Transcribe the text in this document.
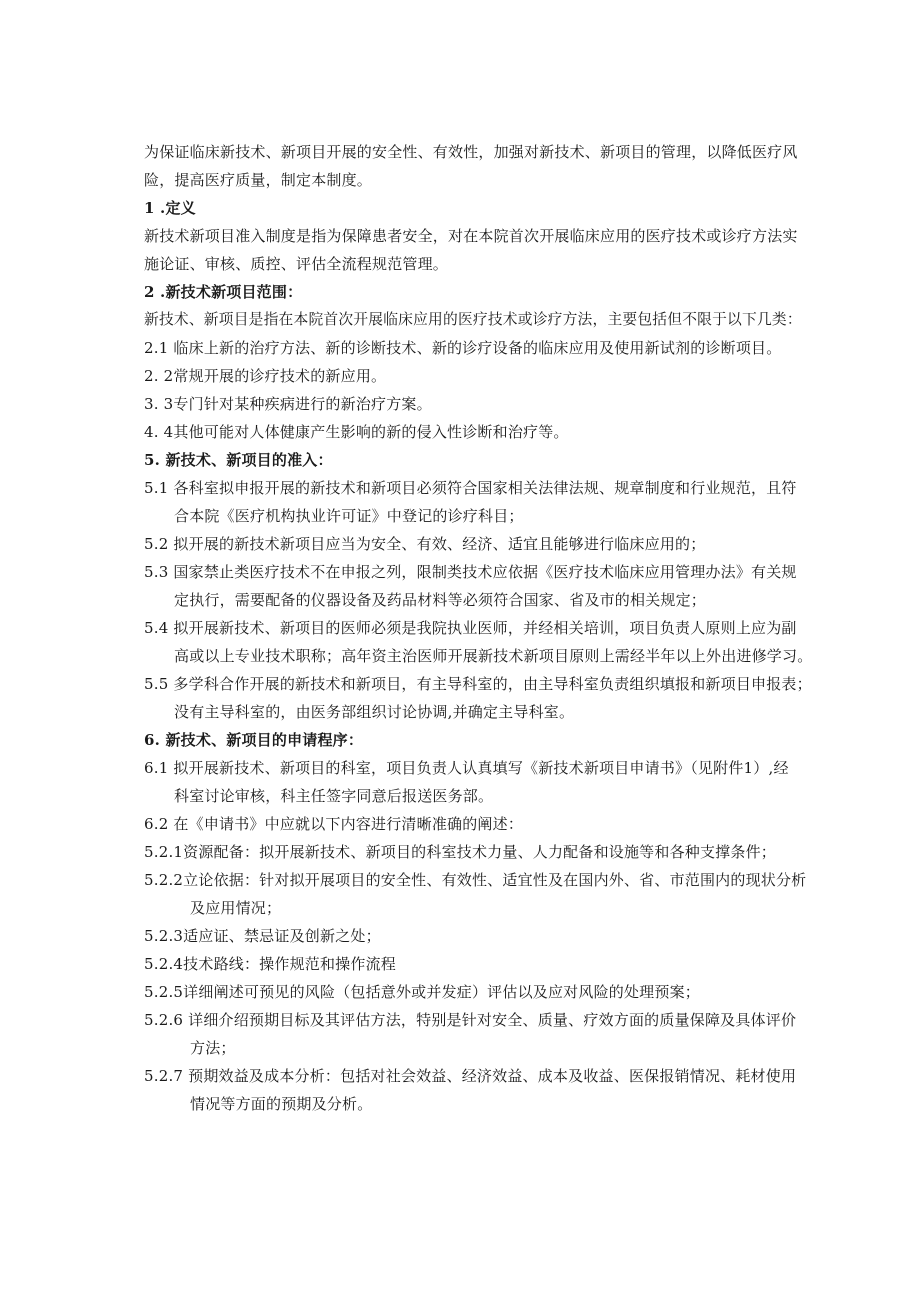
为保证临床新技术、新项目开展的安全性、有效性，加强对新技术、新项目的管理，以降低医疗风
险，提高医疗质量，制定本制度。
1 .定义
新技术新项目准入制度是指为保障患者安全，对在本院首次开展临床应用的医疗技术或诊疗方法实
施论证、审核、质控、评估全流程规范管理。
2 .新技术新项目范围：
新技术、新项目是指在本院首次开展临床应用的医疗技术或诊疗方法，主要包括但不限于以下几类：
2.1 临床上新的治疗方法、新的诊断技术、新的诊疗设备的临床应用及使用新试剂的诊断项目。
2. 2常规开展的诊疗技术的新应用。
3. 3专门针对某种疾病进行的新治疗方案。
4. 4其他可能对人体健康产生影响的新的侵入性诊断和治疗等。
5. 新技术、新项目的准入：
5.1 各科室拟申报开展的新技术和新项目必须符合国家相关法律法规、规章制度和行业规范，且符
合本院《医疗机构执业许可证》中登记的诊疗科目；
5.2 拟开展的新技术新项目应当为安全、有效、经济、适宜且能够进行临床应用的；
5.3 国家禁止类医疗技术不在申报之列，限制类技术应依据《医疗技术临床应用管理办法》有关规
定执行，需要配备的仪器设备及药品材料等必须符合国家、省及市的相关规定；
5.4 拟开展新技术、新项目的医师必须是我院执业医师，并经相关培训，项目负责人原则上应为副
高或以上专业技术职称；高年资主治医师开展新技术新项目原则上需经半年以上外出进修学习。
5.5 多学科合作开展的新技术和新项目，有主导科室的，由主导科室负责组织填报和新项目申报表；
没有主导科室的，由医务部组织讨论协调,并确定主导科室。
6. 新技术、新项目的申请程序：
6.1 拟开展新技术、新项目的科室，项目负责人认真填写《新技术新项目申请书》（见附件1）,经
科室讨论审核，科主任签字同意后报送医务部。
6.2 在《申请书》中应就以下内容进行清晰准确的阐述：
5.2.1资源配备：拟开展新技术、新项目的科室技术力量、人力配备和设施等和各种支撑条件；
5.2.2立论依据：针对拟开展项目的安全性、有效性、适宜性及在国内外、省、市范围内的现状分析
及应用情况；
5.2.3适应证、禁忌证及创新之处；
5.2.4技术路线：操作规范和操作流程
5.2.5详细阐述可预见的风险（包括意外或并发症）评估以及应对风险的处理预案；
5.2.6 详细介绍预期目标及其评估方法，特别是针对安全、质量、疗效方面的质量保障及具体评价
方法；
5.2.7 预期效益及成本分析：包括对社会效益、经济效益、成本及收益、医保报销情况、耗材使用
情况等方面的预期及分析。
